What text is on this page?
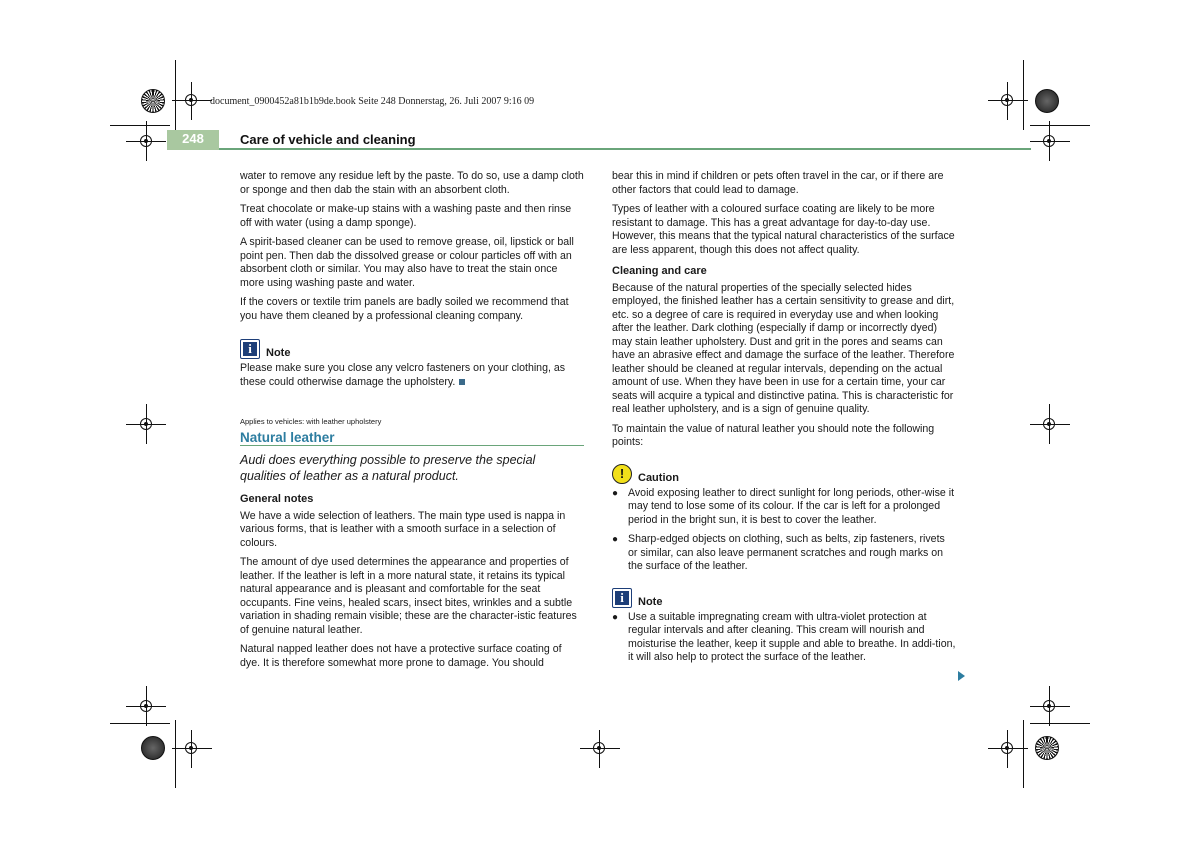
document_0900452a81b1b9de.book Seite 248 Donnerstag, 26. Juli 2007 9:16 09
248	Care of vehicle and cleaning

water to remove any residue left by the paste. To do so, use a damp cloth or sponge and then dab the stain with an absorbent cloth.

Treat chocolate or make-up stains with a washing paste and then rinse off with water (using a damp sponge).

A spirit-based cleaner can be used to remove grease, oil, lipstick or ball point pen. Then dab the dissolved grease or colour particles off with an absorbent cloth or similar. You may also have to treat the stain once more using washing paste and water.

If the covers or textile trim panels are badly soiled we recommend that you have them cleaned by a professional cleaning company.

i	Note

Please make sure you close any velcro fasteners on your clothing, as these could otherwise damage the upholstery.

Applies to vehicles: with leather upholstery
Natural leather
Audi does everything possible to preserve the special qualities of leather as a natural product.
General notes

We have a wide selection of leathers. The main type used is nappa in various forms, that is leather with a smooth surface in a selection of colours.

The amount of dye used determines the appearance and properties of leather. If the leather is left in a more natural state, it retains its typical natural appearance and is pleasant and comfortable for the seat occupants. Fine veins, healed scars, insect bites, wrinkles and a subtle variation in shading remain visible; these are the character-istic features of genuine natural leather.

Natural napped leather does not have a protective surface coating of dye. It is therefore somewhat more prone to damage. You should

bear this in mind if children or pets often travel in the car, or if there are other factors that could lead to damage.

Types of leather with a coloured surface coating are likely to be more resistant to damage. This has a great advantage for day-to-day use. However, this means that the typical natural characteristics of the surface are less apparent, though this does not affect quality.

Cleaning and care

Because of the natural properties of the specially selected hides employed, the finished leather has a certain sensitivity to grease and dirt, etc. so a degree of care is required in everyday use and when looking after the leather. Dark clothing (especially if damp or incorrectly dyed) may stain leather upholstery. Dust and grit in the pores and seams can have an abrasive effect and damage the surface of the leather. Therefore leather should be cleaned at regular intervals, depending on the actual amount of use. When they have been in use for a certain time, your car seats will acquire a typical and distinctive patina. This is characteristic for real leather upholstery, and is a sign of genuine quality.

To maintain the value of natural leather you should note the following points:

!	Caution
● Avoid exposing leather to direct sunlight for long periods, other-wise it may tend to lose some of its colour. If the car is left for a prolonged period in the bright sun, it is best to cover the leather.
● Sharp-edged objects on clothing, such as belts, zip fasteners, rivets or similar, can also leave permanent scratches and rough marks on the surface of the leather.
i	Note
● Use a suitable impregnating cream with ultra-violet protection at regular intervals and after cleaning. This cream will nourish and moisturise the leather, keep it supple and able to breathe. In addi-tion, it will also help to protect the surface of the leather.
